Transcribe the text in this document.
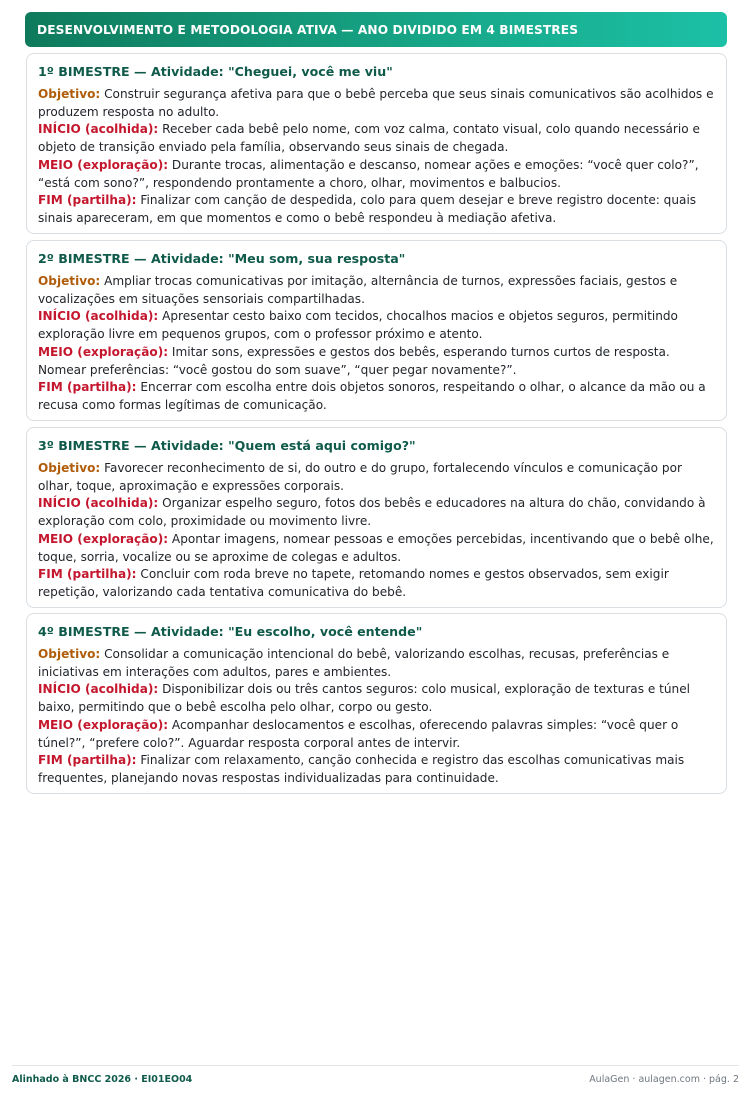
DESENVOLVIMENTO E METODOLOGIA ATIVA — ANO DIVIDIDO EM 4 BIMESTRES
1º BIMESTRE — Atividade: "Cheguei, você me viu"

Objetivo: Construir segurança afetiva para que o bebê perceba que seus sinais comunicativos são acolhidos e produzem resposta no adulto.

INÍCIO (acolhida): Receber cada bebê pelo nome, com voz calma, contato visual, colo quando necessário e objeto de transição enviado pela família, observando seus sinais de chegada.

MEIO (exploração): Durante trocas, alimentação e descanso, nomear ações e emoções: “você quer colo?”, “está com sono?”, respondendo prontamente a choro, olhar, movimentos e balbucios.

FIM (partilha): Finalizar com canção de despedida, colo para quem desejar e breve registro docente: quais sinais apareceram, em que momentos e como o bebê respondeu à mediação afetiva.

2º BIMESTRE — Atividade: "Meu som, sua resposta"

Objetivo: Ampliar trocas comunicativas por imitação, alternância de turnos, expressões faciais, gestos e vocalizações em situações sensoriais compartilhadas.

INÍCIO (acolhida): Apresentar cesto baixo com tecidos, chocalhos macios e objetos seguros, permitindo exploração livre em pequenos grupos, com o professor próximo e atento.

MEIO (exploração): Imitar sons, expressões e gestos dos bebês, esperando turnos curtos de resposta. Nomear preferências: “você gostou do som suave”, “quer pegar novamente?”.

FIM (partilha): Encerrar com escolha entre dois objetos sonoros, respeitando o olhar, o alcance da mão ou a recusa como formas legítimas de comunicação.

3º BIMESTRE — Atividade: "Quem está aqui comigo?"

Objetivo: Favorecer reconhecimento de si, do outro e do grupo, fortalecendo vínculos e comunicação por olhar, toque, aproximação e expressões corporais.

INÍCIO (acolhida): Organizar espelho seguro, fotos dos bebês e educadores na altura do chão, convidando à exploração com colo, proximidade ou movimento livre.

MEIO (exploração): Apontar imagens, nomear pessoas e emoções percebidas, incentivando que o bebê olhe, toque, sorria, vocalize ou se aproxime de colegas e adultos.

FIM (partilha): Concluir com roda breve no tapete, retomando nomes e gestos observados, sem exigir repetição, valorizando cada tentativa comunicativa do bebê.

4º BIMESTRE — Atividade: "Eu escolho, você entende"

Objetivo: Consolidar a comunicação intencional do bebê, valorizando escolhas, recusas, preferências e iniciativas em interações com adultos, pares e ambientes.

INÍCIO (acolhida): Disponibilizar dois ou três cantos seguros: colo musical, exploração de texturas e túnel baixo, permitindo que o bebê escolha pelo olhar, corpo ou gesto.

MEIO (exploração): Acompanhar deslocamentos e escolhas, oferecendo palavras simples: “você quer o túnel?”, “prefere colo?”. Aguardar resposta corporal antes de intervir.

FIM (partilha): Finalizar com relaxamento, canção conhecida e registro das escolhas comunicativas mais frequentes, planejando novas respostas individualizadas para continuidade.

Alinhado à BNCC 2026 · EI01EO04	AulaGen · aulagen.com · pág. 2
